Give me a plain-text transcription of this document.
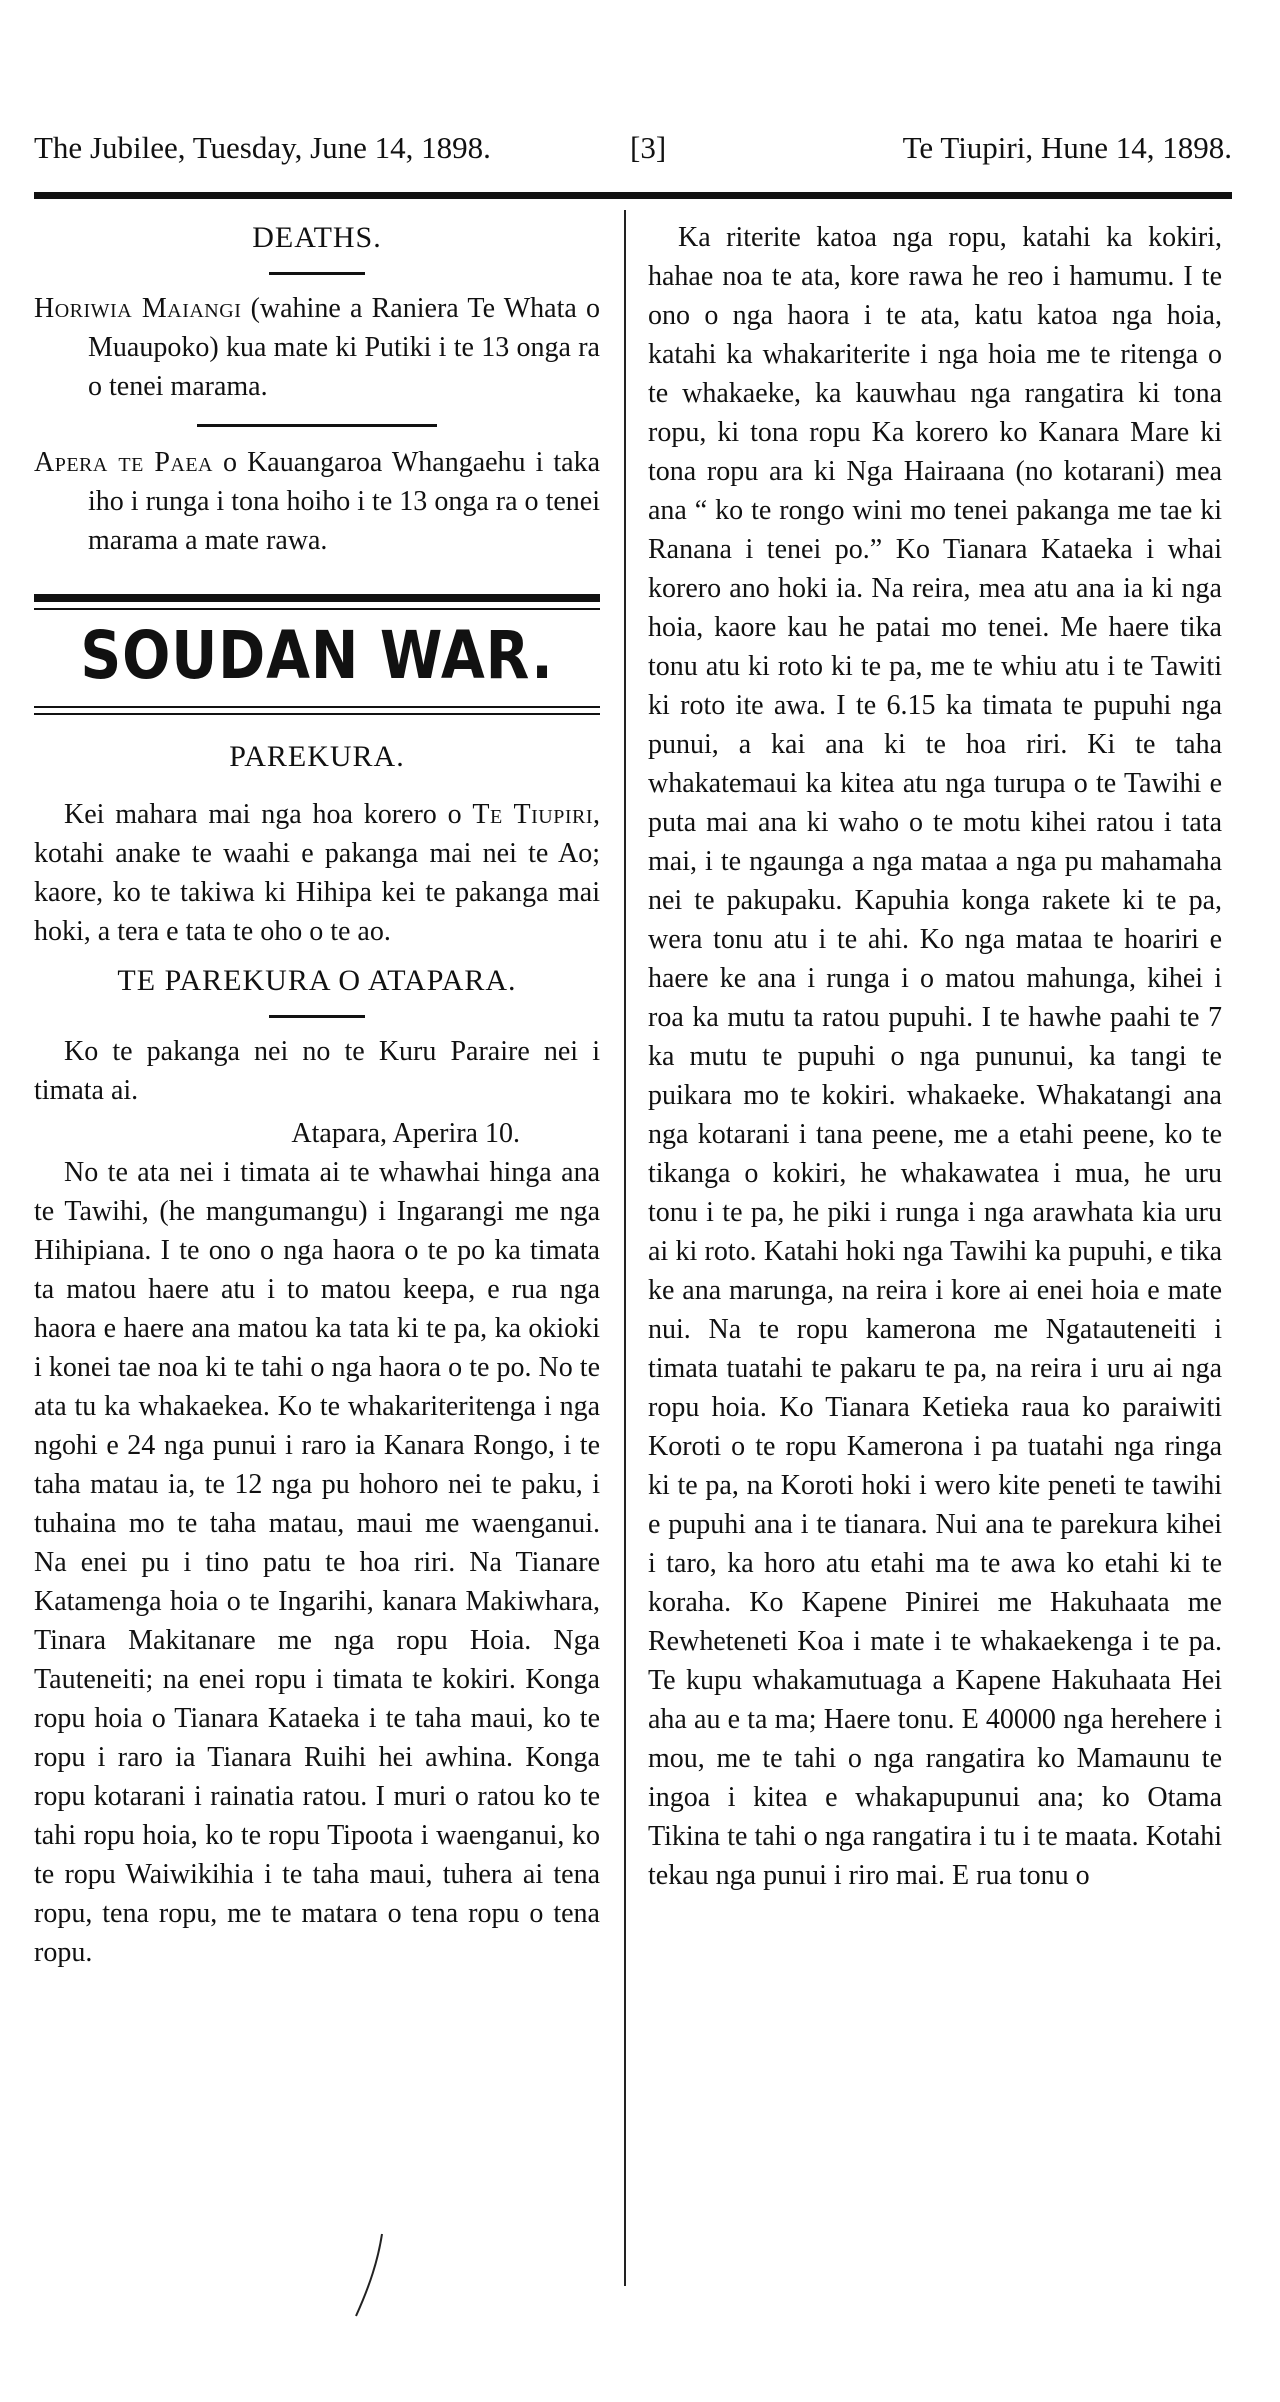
The Jubilee, Tuesday, June 14, 1898.	[3]	Te Tiupiri, Hune 14, 1898.

DEATHS.

Horiwia Maiangi (wahine a Raniera Te Whata o Muaupoko) kua mate ki Putiki i te 13 onga ra o tenei marama.

Apera te Paea o Kauangaroa Whangaehu i taka iho i runga i tona hoiho i te 13 onga ra o tenei marama a mate rawa.

SOUDAN WAR.

PAREKURA.

Kei mahara mai nga hoa korero o Te Tiupiri, kotahi anake te waahi e pakanga mai nei te Ao; kaore, ko te takiwa ki Hihipa kei te pakanga mai hoki, a tera e tata te oho o te ao.

TE PAREKURA O ATAPARA.

Ko te pakanga nei no te Kuru Paraire nei i timata ai.

Atapara, Aperira 10.

No te ata nei i timata ai te whawhai hinga ana te Tawihi, (he mangumangu) i Ingarangi me nga Hihipiana. I te ono o nga haora o te po ka timata ta matou haere atu i to matou keepa, e rua nga haora e haere ana matou ka tata ki te pa, ka okioki i konei tae noa ki te tahi o nga haora o te po. No te ata tu ka whakaekea. Ko te whakariteritenga i nga ngohi e 24 nga punui i raro ia Kanara Rongo, i te taha matau ia, te 12 nga pu hohoro nei te paku, i tuhaina mo te taha matau, maui me waenganui. Na enei pu i tino patu te hoa riri. Na Tianare Katamenga hoia o te Ingarihi, kanara Makiwhara, Tinara Makitanare me nga ropu Hoia. Nga Tauteneiti; na enei ropu i timata te kokiri. Konga ropu hoia o Tianara Kataeka i te taha maui, ko te ropu i raro ia Tianara Ruihi hei awhina. Konga ropu kotarani i rainatia ratou. I muri o ratou ko te tahi ropu hoia, ko te ropu Tipoota i waenganui, ko te ropu Waiwikihia i te taha maui, tuhera ai tena ropu, tena ropu, me te matara o tena ropu o tena ropu.

Ka riterite katoa nga ropu, katahi ka kokiri, hahae noa te ata, kore rawa he reo i hamumu. I te ono o nga haora i te ata, katu katoa nga hoia, katahi ka whakariterite i nga hoia me te ritenga o te whakaeke, ka kauwhau nga rangatira ki tona ropu, ki tona ropu Ka korero ko Kanara Mare ki tona ropu ara ki Nga Hairaana (no kotarani) mea ana “ ko te rongo wini mo tenei pakanga me tae ki Ranana i tenei po.” Ko Tianara Kataeka i whai korero ano hoki ia. Na reira, mea atu ana ia ki nga hoia, kaore kau he patai mo tenei. Me haere tika tonu atu ki roto ki te pa, me te whiu atu i te Tawiti ki roto ite awa. I te 6.15 ka timata te pupuhi nga punui, a kai ana ki te hoa riri. Ki te taha whakatemaui ka kitea atu nga turupa o te Tawihi e puta mai ana ki waho o te motu kihei ratou i tata mai, i te ngaunga a nga mataa a nga pu mahamaha nei te pakupaku. Kapuhia konga rakete ki te pa, wera tonu atu i te ahi. Ko nga mataa te hoariri e haere ke ana i runga i o matou mahunga, kihei i roa ka mutu ta ratou pupuhi. I te hawhe paahi te 7 ka mutu te pupuhi o nga pununui, ka tangi te puikara mo te kokiri. whakaeke. Whakatangi ana nga kotarani i tana peene, me a etahi peene, ko te tikanga o kokiri, he whakawatea i mua, he uru tonu i te pa, he piki i runga i nga arawhata kia uru ai ki roto. Katahi hoki nga Tawihi ka pupuhi, e tika ke ana marunga, na reira i kore ai enei hoia e mate nui. Na te ropu kamerona me Ngatauteneiti i timata tuatahi te pakaru te pa, na reira i uru ai nga ropu hoia. Ko Tianara Ketieka raua ko paraiwiti Koroti o te ropu Kamerona i pa tuatahi nga ringa ki te pa, na Koroti hoki i wero kite peneti te tawihi e pupuhi ana i te tianara. Nui ana te parekura kihei i taro, ka horo atu etahi ma te awa ko etahi ki te koraha. Ko Kapene Pinirei me Hakuhaata me Rewheteneti Koa i mate i te whakaekenga i te pa. Te kupu whakamutuaga a Kapene Hakuhaata Hei aha au e ta ma; Haere tonu. E 40000 nga herehere i mou, me te tahi o nga rangatira ko Mamaunu te ingoa i kitea e whakapupunui ana; ko Otama Tikina te tahi o nga rangatira i tu i te maata. Kotahi tekau nga punui i riro mai. E rua tonu o
